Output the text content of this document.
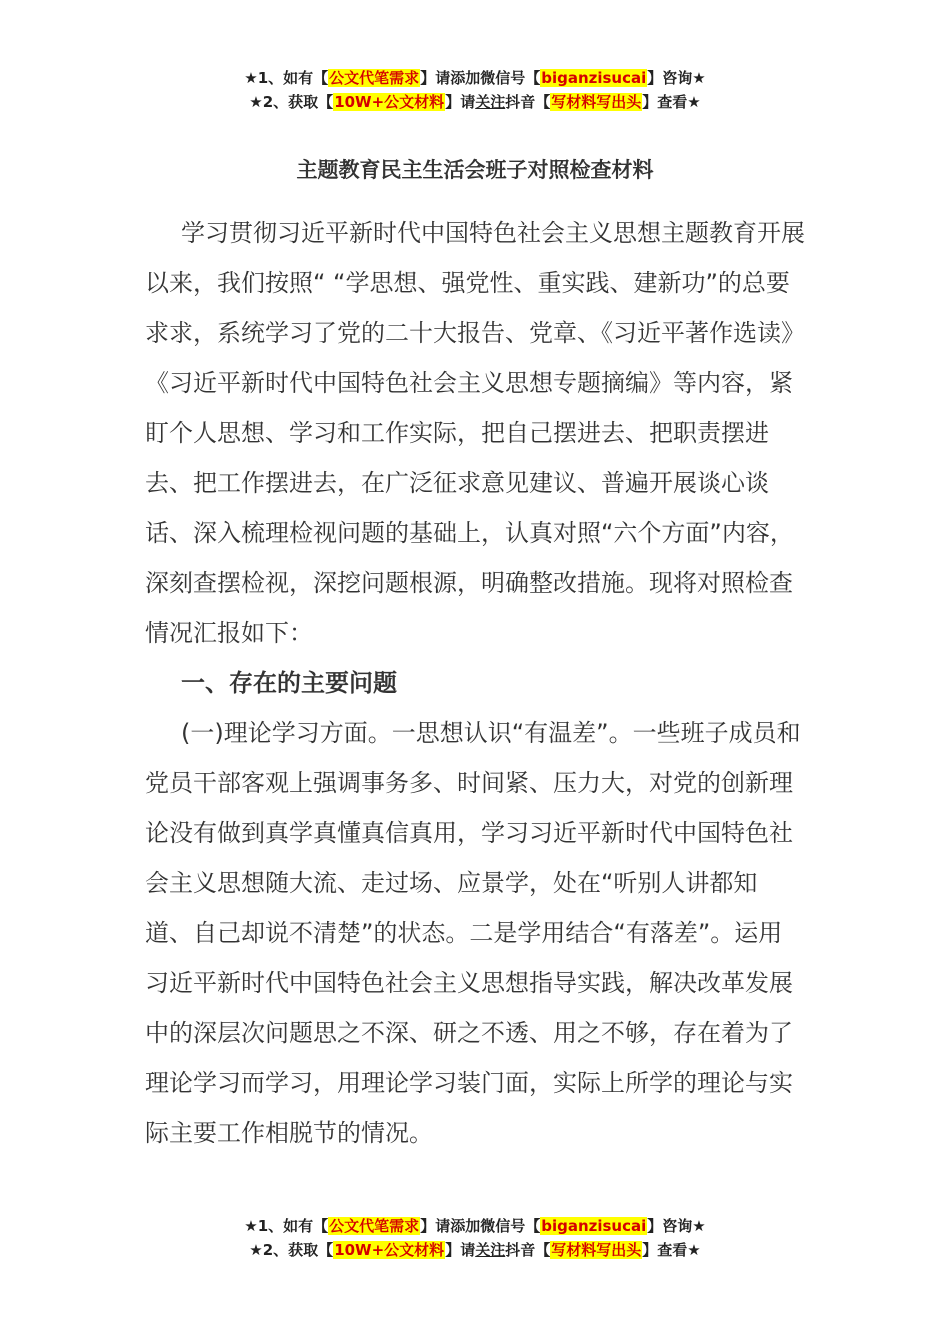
★1、如有【公文代笔需求】请添加微信号【biganzisucai】咨询★
★2、获取【10W+公文材料】请关注抖音【写材料写出头】查看★
主题教育民主生活会班子对照检查材料

学习贯彻习近平新时代中国特色社会主义思想主题教育开展以来，我们按照“ “学思想、强党性、重实践、建新功”的总要求求，系统学习了党的二十大报告、党章、《习近平著作选读》《习近平新时代中国特色社会主义思想专题摘编》等内容，紧盯个人思想、学习和工作实际，把自己摆进去、把职责摆进去、把工作摆进去，在广泛征求意见建议、普遍开展谈心谈话、深入梳理检视问题的基础上，认真对照“六个方面”内容，深刻查摆检视，深挖问题根源，明确整改措施。现将对照检查情况汇报如下：

一、存在的主要问题

(一)理论学习方面。一思想认识“有温差”。一些班子成员和党员干部客观上强调事务多、时间紧、压力大，对党的创新理论没有做到真学真懂真信真用，学习习近平新时代中国特色社会主义思想随大流、走过场、应景学，处在“听别人讲都知道、自己却说不清楚”的状态。二是学用结合“有落差”。运用习近平新时代中国特色社会主义思想指导实践，解决改革发展中的深层次问题思之不深、研之不透、用之不够，存在着为了理论学习而学习，用理论学习装门面，实际上所学的理论与实际主要工作相脱节的情况。

★1、如有【公文代笔需求】请添加微信号【biganzisucai】咨询★
★2、获取【10W+公文材料】请关注抖音【写材料写出头】查看★
